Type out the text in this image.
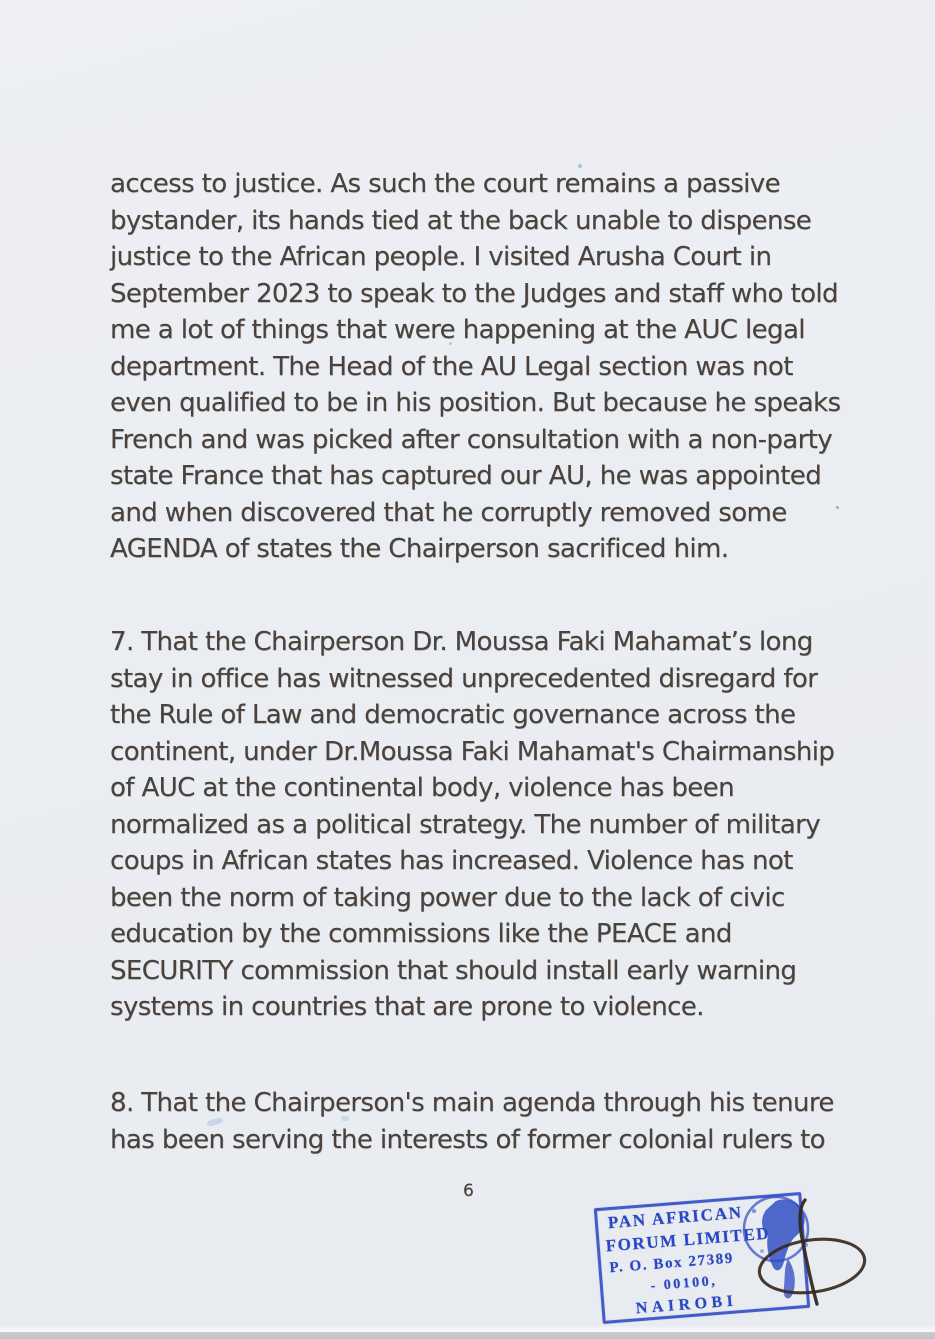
access to justice. As such the court remains a passive
bystander, its hands tied at the back unable to dispense
justice to the African people. I visited Arusha Court in
September 2023 to speak to the Judges and staff who told
me a lot of things that were happening at the AUC legal
department. The Head of the AU Legal section was not
even qualified to be in his position. But because he speaks
French and was picked after consultation with a non-party
state France that has captured our AU, he was appointed
and when discovered that he corruptly removed some
AGENDA of states the Chairperson sacrificed him.
7. That the Chairperson Dr. Moussa Faki Mahamat’s long
stay in office has witnessed unprecedented disregard for
the Rule of Law and democratic governance across the
continent, under Dr.Moussa Faki Mahamat's Chairmanship
of AUC at the continental body, violence has been
normalized as a political strategy. The number of military
coups in African states has increased. Violence has not
been the norm of taking power due to the lack of civic
education by the commissions like the PEACE and
SECURITY commission that should install early warning
systems in countries that are prone to violence.
8. That the Chairperson's main agenda through his tenure
has been serving the interests of former colonial rulers to
6
PAN AFRICAN
FORUM LIMITED
P. O. Box 27389
- 00100,
NAIROBI
